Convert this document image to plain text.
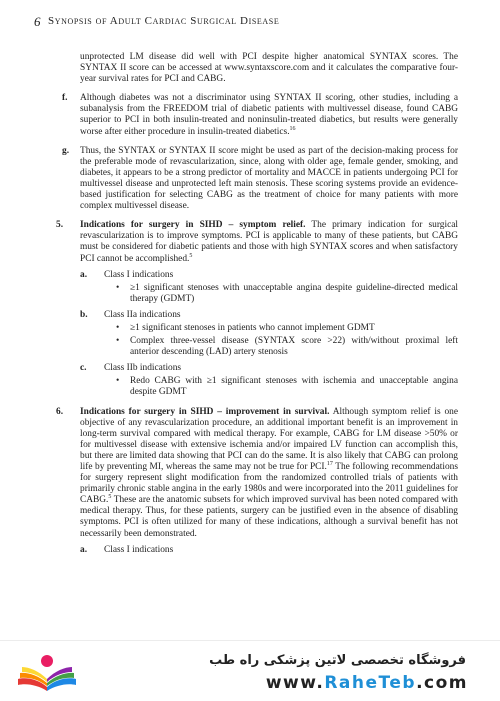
6 Synopsis of Adult Cardiac Surgical Disease

unprotected LM disease did well with PCI despite higher anatomical SYNTAX scores. The SYNTAX II score can be accessed at www.syntaxscore.com and it calculates the comparative four-year survival rates for PCI and CABG.

f. Although diabetes was not a discriminator using SYNTAX II scoring, other studies, including a subanalysis from the FREEDOM trial of diabetic patients with multivessel disease, found CABG superior to PCI in both insulin-treated and noninsulin-treated diabetics, but results were generally worse after either procedure in insulin-treated diabetics.$^{16}$
g. Thus, the SYNTAX or SYNTAX II score might be used as part of the decision-making process for the preferable mode of revascularization, since, along with older age, female gender, smoking, and diabetes, it appears to be a strong predictor of mortality and MACCE in patients undergoing PCI for multivessel disease and unprotected left main stenosis. These scoring systems provide an evidence-based justification for selecting CABG as the treatment of choice for many patients with more complex multivessel disease.
5. Indications for surgery in SIHD – symptom relief. The primary indication for surgical revascularization is to improve symptoms. PCI is applicable to many of these patients, but CABG must be considered for diabetic patients and those with high SYNTAX scores and when satisfactory PCI cannot be accomplished.$^5$
a. Class I indications
• ≥1 significant stenoses with unacceptable angina despite guideline-directed medical therapy (GDMT)
b. Class IIa indications
• ≥1 significant stenoses in patients who cannot implement GDMT
• Complex three-vessel disease (SYNTAX score >22) with/without proximal left anterior descending (LAD) artery stenosis
c. Class IIb indications
• Redo CABG with ≥1 significant stenoses with ischemia and unacceptable angina despite GDMT
6. Indications for surgery in SIHD – improvement in survival. Although symptom relief is one objective of any revascularization procedure, an additional important benefit is an improvement in long-term survival compared with medical therapy. For example, CABG for LM disease >50% or for multivessel disease with extensive ischemia and/or impaired LV function can accomplish this, but there are limited data showing that PCI can do the same. It is also likely that CABG can prolong life by preventing MI, whereas the same may not be true for PCI.$^{17}$ The following recommendations for surgery represent slight modification from the randomized controlled trials of patients with primarily chronic stable angina in the early 1980s and were incorporated into the 2011 guidelines for CABG.$^5$ These are the anatomic subsets for which improved survival has been noted compared with medical therapy. Thus, for these patients, surgery can be justified even in the absence of disabling symptoms. PCI is often utilized for many of these indications, although a survival benefit has not necessarily been demonstrated.
a. Class I indications
فروشگاه تخصصی لاتین پزشکی راه طب
www.RaheTeb.com
